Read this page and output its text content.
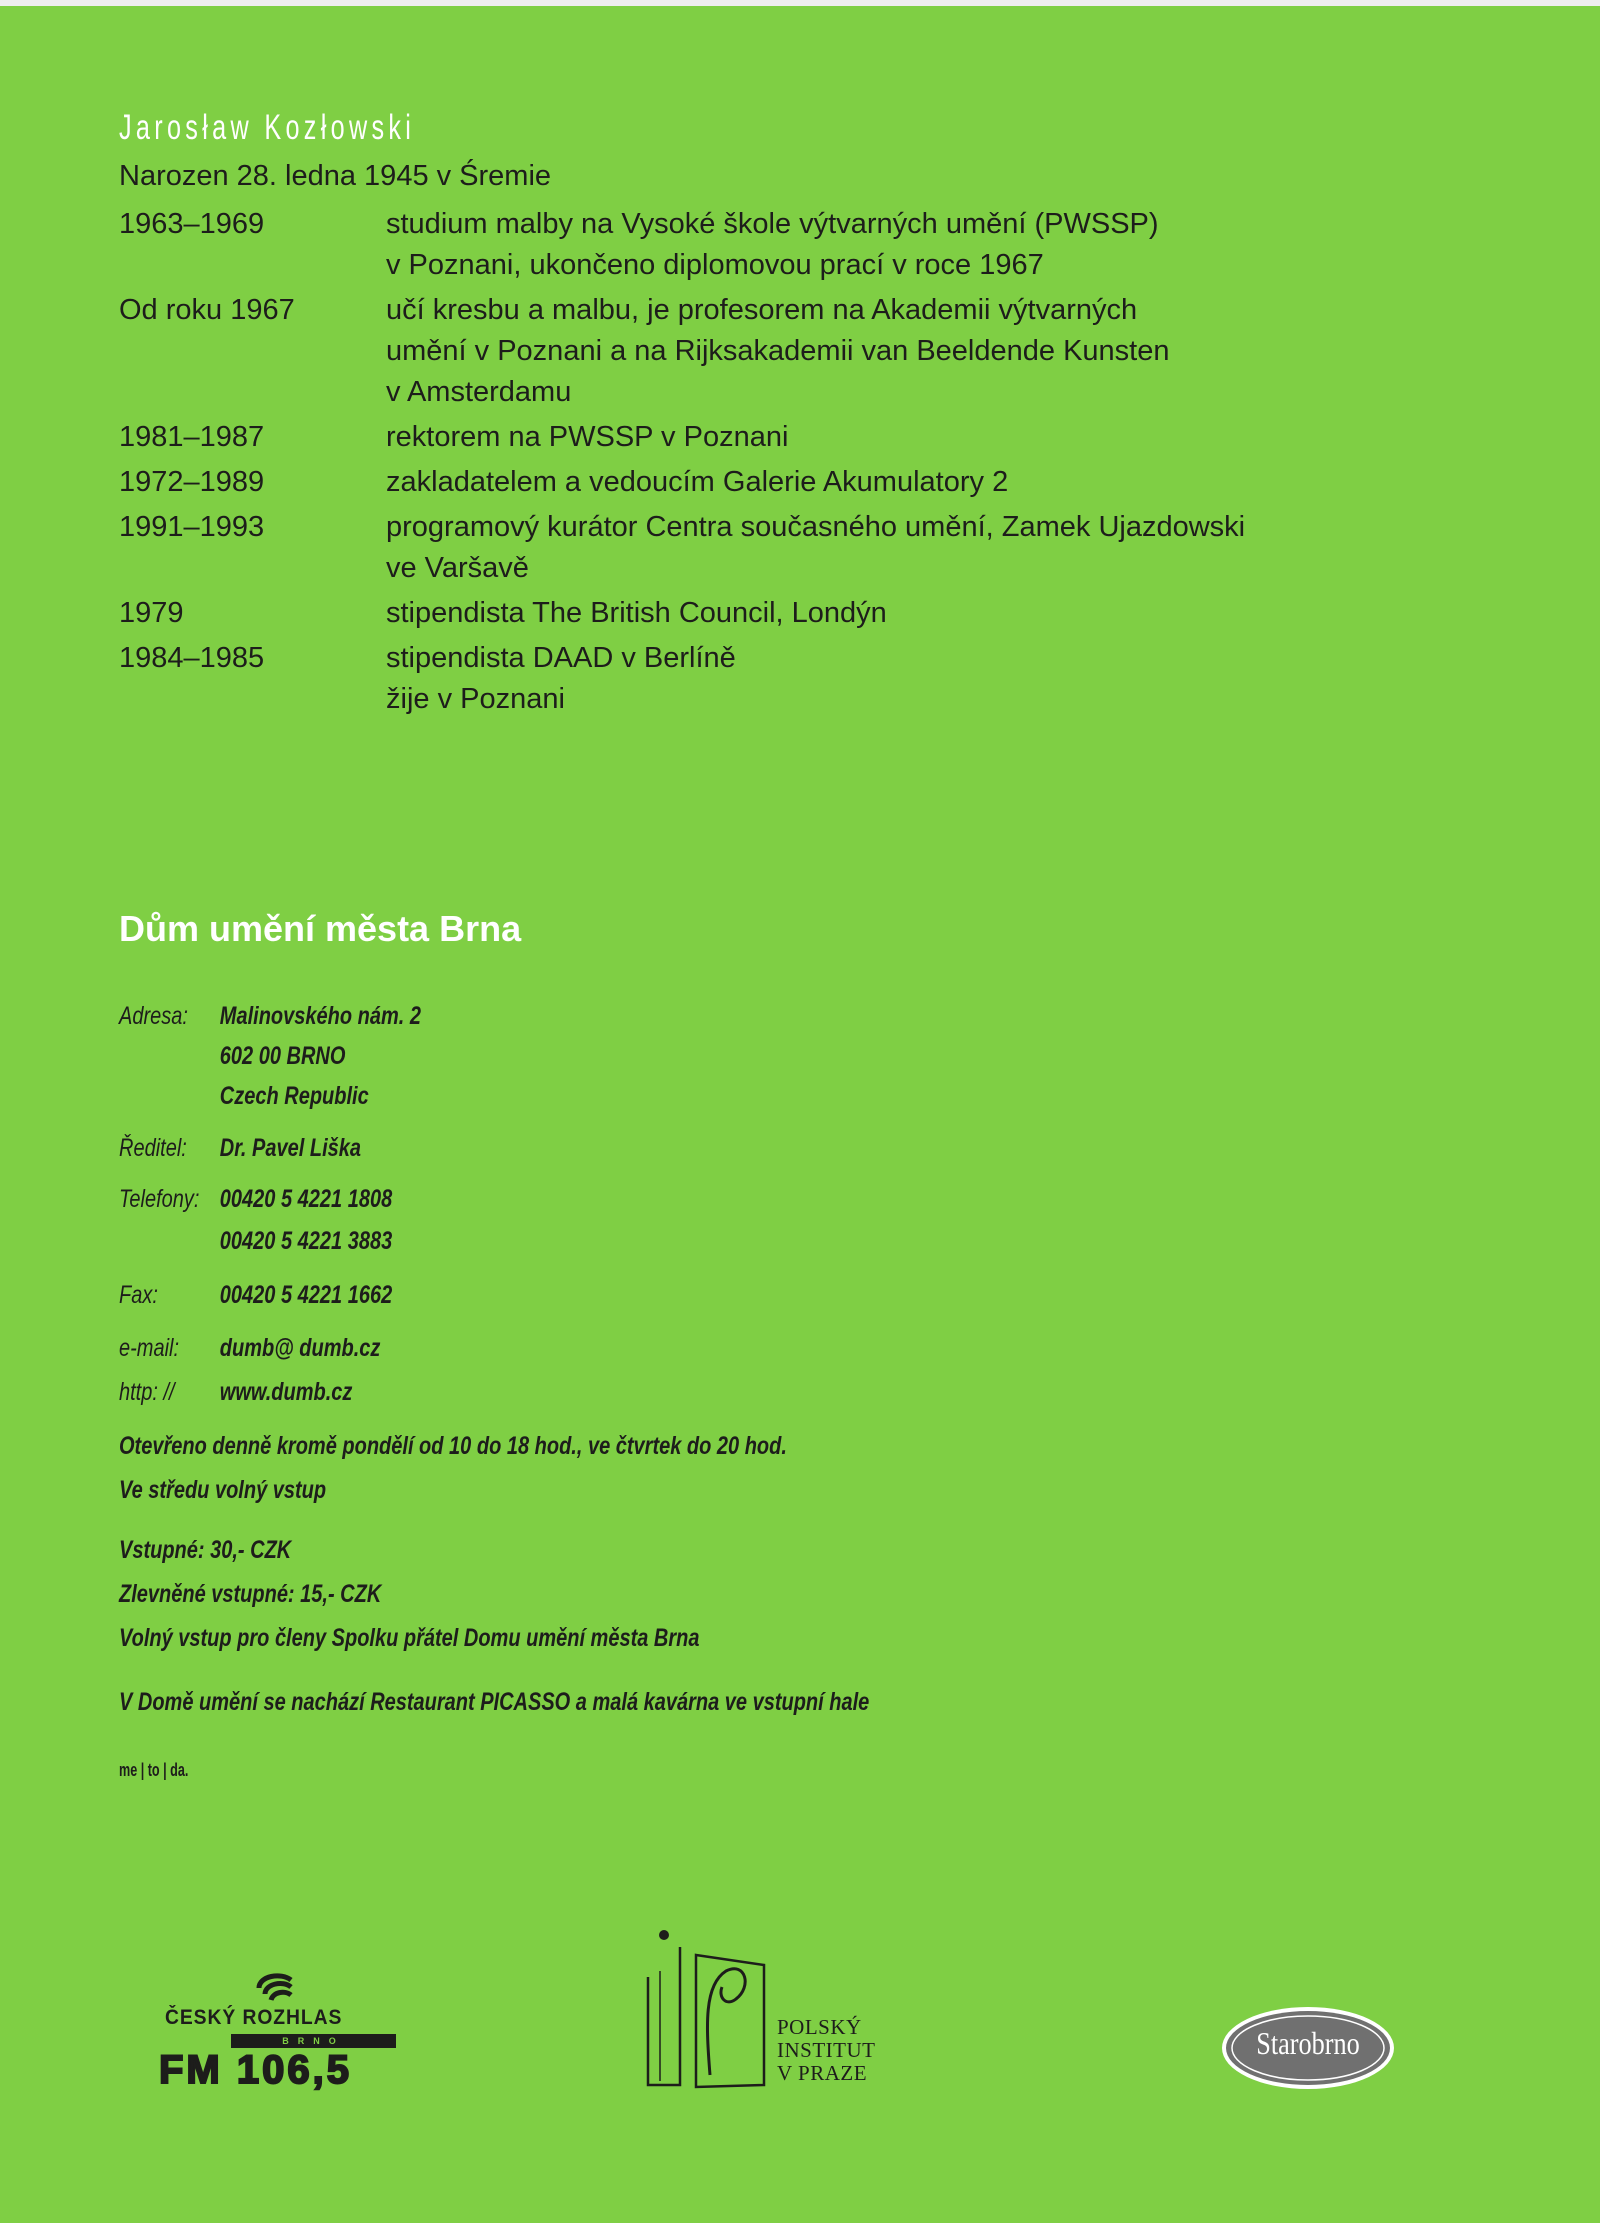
Jarosław Kozłowski
Narozen 28. ledna 1945 v Śremie
1963–1969	studium malby na Vysoké škole výtvarných umění (PWSSP)
v Poznani, ukončeno diplomovou prací v roce 1967
Od roku 1967	učí kresbu a malbu, je profesorem na Akademii výtvarných
umění v Poznani a na Rijksakademii van Beeldende Kunsten
v Amsterdamu
1981–1987	rektorem na PWSSP v Poznani
1972–1989	zakladatelem a vedoucím Galerie Akumulatory 2
1991–1993	programový kurátor Centra současného umění, Zamek Ujazdowski
ve Varšavě
1979	stipendista The British Council, Londýn
1984–1985	stipendista DAAD v Berlíně
žije v Poznani
Dům umění města Brna
Adresa: Malinovského nám. 2
602 00 BRNO
Czech Republic
Ředitel: Dr. Pavel Liška
Telefony: 00420 5 4221 1808
00420 5 4221 3883
Fax: 00420 5 4221 1662
e-mail: dumb@ dumb.cz
http: // www.dumb.cz
Otevřeno denně kromě pondělí od 10 do 18 hod., ve čtvrtek do 20 hod.
Ve středu volný vstup
Vstupné: 30,- CZK
Zlevněné vstupné: 15,- CZK
Volný vstup pro členy Spolku přátel Domu umění města Brna
V Domě umění se nachází Restaurant PICASSO a malá kavárna ve vstupní hale
me | to | da.
ČESKÝ ROZHLAS
BRNO
FM 106,5
POLSKÝ
INSTITUT
V PRAZE
Starobrno
